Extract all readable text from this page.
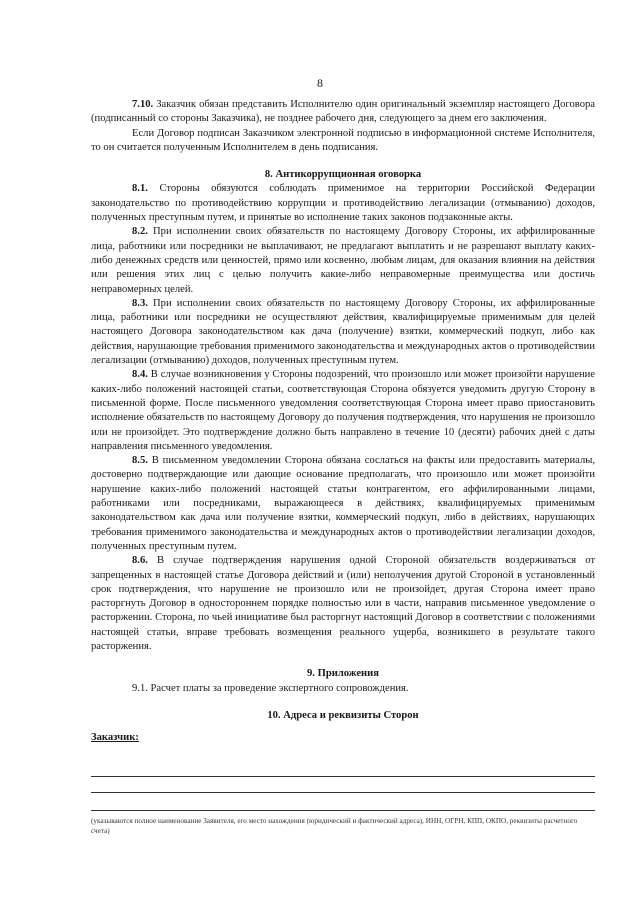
8

7.10. Заказчик обязан представить Исполнителю один оригинальный экземпляр настоящего Договора (подписанный со стороны Заказчика), не позднее рабочего дня, следующего за днем его заключения.

Если Договор подписан Заказчиком электронной подписью в информационной системе Исполнителя, то он считается полученным Исполнителем в день подписания.

8. Антикоррупционная оговорка

8.1. Стороны обязуются соблюдать применимое на территории Российской Федерации законодательство по противодействию коррупции и противодействию легализации (отмыванию) доходов, полученных преступным путем, и принятые во исполнение таких законов подзаконные акты.

8.2. При исполнении своих обязательств по настоящему Договору Стороны, их аффилированные лица, работники или посредники не выплачивают, не предлагают выплатить и не разрешают выплату каких-либо денежных средств или ценностей, прямо или косвенно, любым лицам, для оказания влияния на действия или решения этих лиц с целью получить какие-либо неправомерные преимущества или достичь неправомерных целей.

8.3. При исполнении своих обязательств по настоящему Договору Стороны, их аффилированные лица, работники или посредники не осуществляют действия, квалифицируемые применимым для целей настоящего Договора законодательством как дача (получение) взятки, коммерческий подкуп, либо как действия, нарушающие требования применимого законодательства и международных актов о противодействии легализации (отмыванию) доходов, полученных преступным путем.

8.4. В случае возникновения у Стороны подозрений, что произошло или может произойти нарушение каких-либо положений настоящей статьи, соответствующая Сторона обязуется уведомить другую Сторону в письменной форме. После письменного уведомления соответствующая Сторона имеет право приостановить исполнение обязательств по настоящему Договору до получения подтверждения, что нарушения не произошло или не произойдет. Это подтверждение должно быть направлено в течение 10 (десяти) рабочих дней с даты направления письменного уведомления.

8.5. В письменном уведомлении Сторона обязана сослаться на факты или предоставить материалы, достоверно подтверждающие или дающие основание предполагать, что произошло или может произойти нарушение каких-либо положений настоящей статьи контрагентом, его аффилированными лицами, работниками или посредниками, выражающееся в действиях, квалифицируемых применимым законодательством как дача или получение взятки, коммерческий подкуп, либо в действиях, нарушающих требования применимого законодательства и международных актов о противодействии легализации доходов, полученных преступным путем.

8.6. В случае подтверждения нарушения одной Стороной обязательств воздерживаться от запрещенных в настоящей статье Договора действий и (или) неполучения другой Стороной в установленный срок подтверждения, что нарушение не произошло или не произойдет, другая Сторона имеет право расторгнуть Договор в одностороннем порядке полностью или в части, направив письменное уведомление о расторжении. Сторона, по чьей инициативе был расторгнут настоящий Договор в соответствии с положениями настоящей статьи, вправе требовать возмещения реального ущерба, возникшего в результате такого расторжения.

9. Приложения

9.1. Расчет платы за проведение экспертного сопровождения.

10. Адреса и реквизиты Сторон

Заказчик:

(указываются полное наименование Заявителя, его место нахождения (юридический и фактический адреса), ИНН, ОГРН, КПП, ОКПО, реквизиты расчетного счета)
